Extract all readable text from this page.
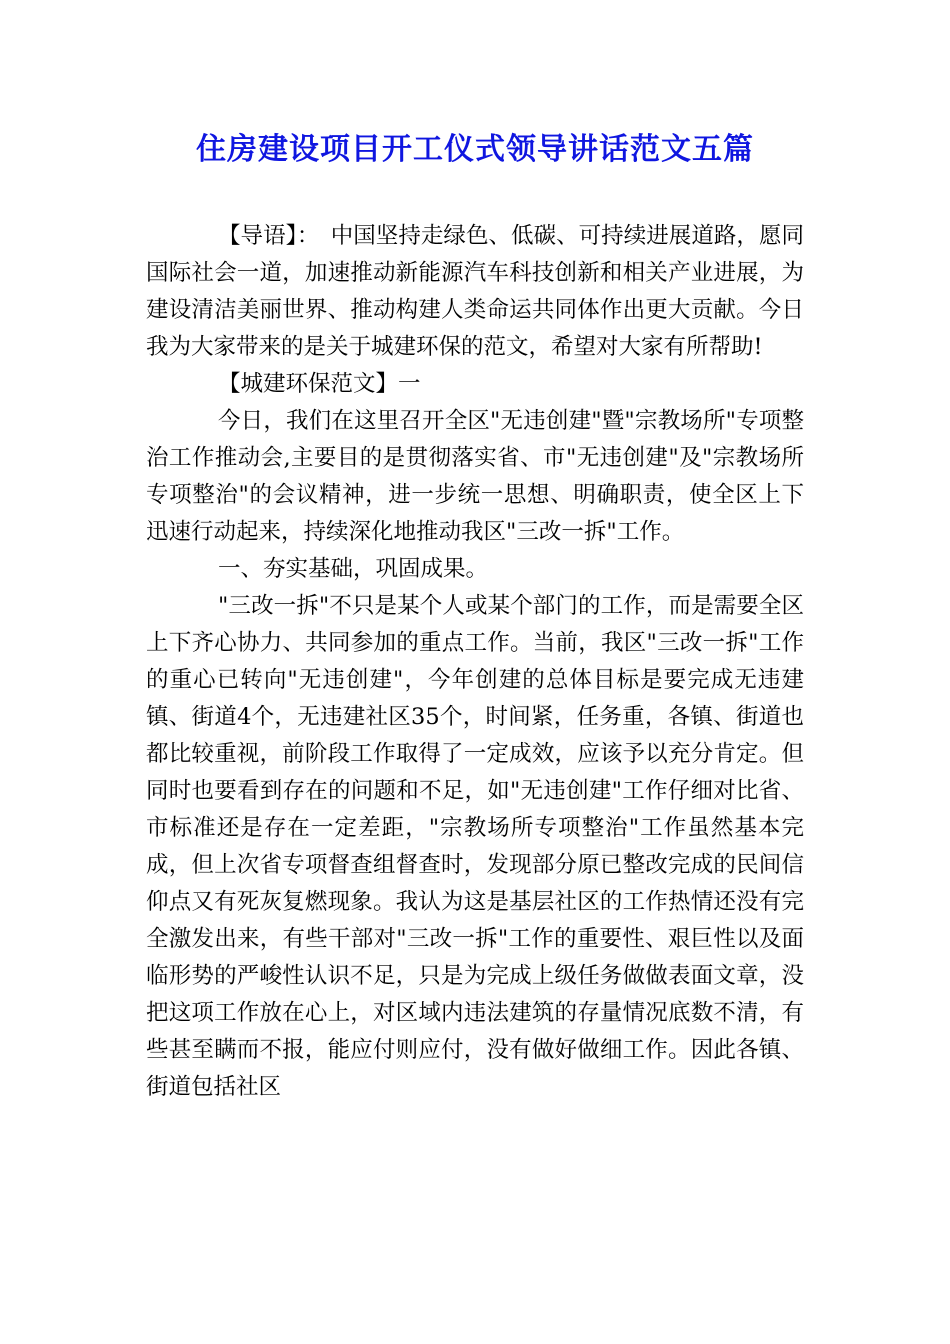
住房建设项目开工仪式领导讲话范文五篇

【导语】：　中国坚持走绿色、低碳、可持续进展道路，愿同国际社会一道，加速推动新能源汽车科技创新和相关产业进展，为建设清洁美丽世界、推动构建人类命运共同体作出更大贡献。今日我为大家带来的是关于城建环保的范文，希望对大家有所帮助!

【城建环保范文】一

今日，我们在这里召开全区"无违创建"暨"宗教场所"专项整治工作推动会,主要目的是贯彻落实省、市"无违创建"及"宗教场所专项整治"的会议精神，进一步统一思想、明确职责，使全区上下迅速行动起来，持续深化地推动我区"三改一拆"工作。

一、夯实基础，巩固成果。

"三改一拆"不只是某个人或某个部门的工作，而是需要全区上下齐心协力、共同参加的重点工作。当前，我区"三改一拆"工作的重心已转向"无违创建"，今年创建的总体目标是要完成无违建镇、街道4个，无违建社区35个，时间紧，任务重，各镇、街道也都比较重视，前阶段工作取得了一定成效，应该予以充分肯定。但同时也要看到存在的问题和不足，如"无违创建"工作仔细对比省、市标准还是存在一定差距，"宗教场所专项整治"工作虽然基本完成，但上次省专项督查组督查时，发现部分原已整改完成的民间信仰点又有死灰复燃现象。我认为这是基层社区的工作热情还没有完全激发出来，有些干部对"三改一拆"工作的重要性、艰巨性以及面临形势的严峻性认识不足，只是为完成上级任务做做表面文章，没把这项工作放在心上，对区域内违法建筑的存量情况底数不清，有些甚至瞒而不报，能应付则应付，没有做好做细工作。因此各镇、街道包括社区
